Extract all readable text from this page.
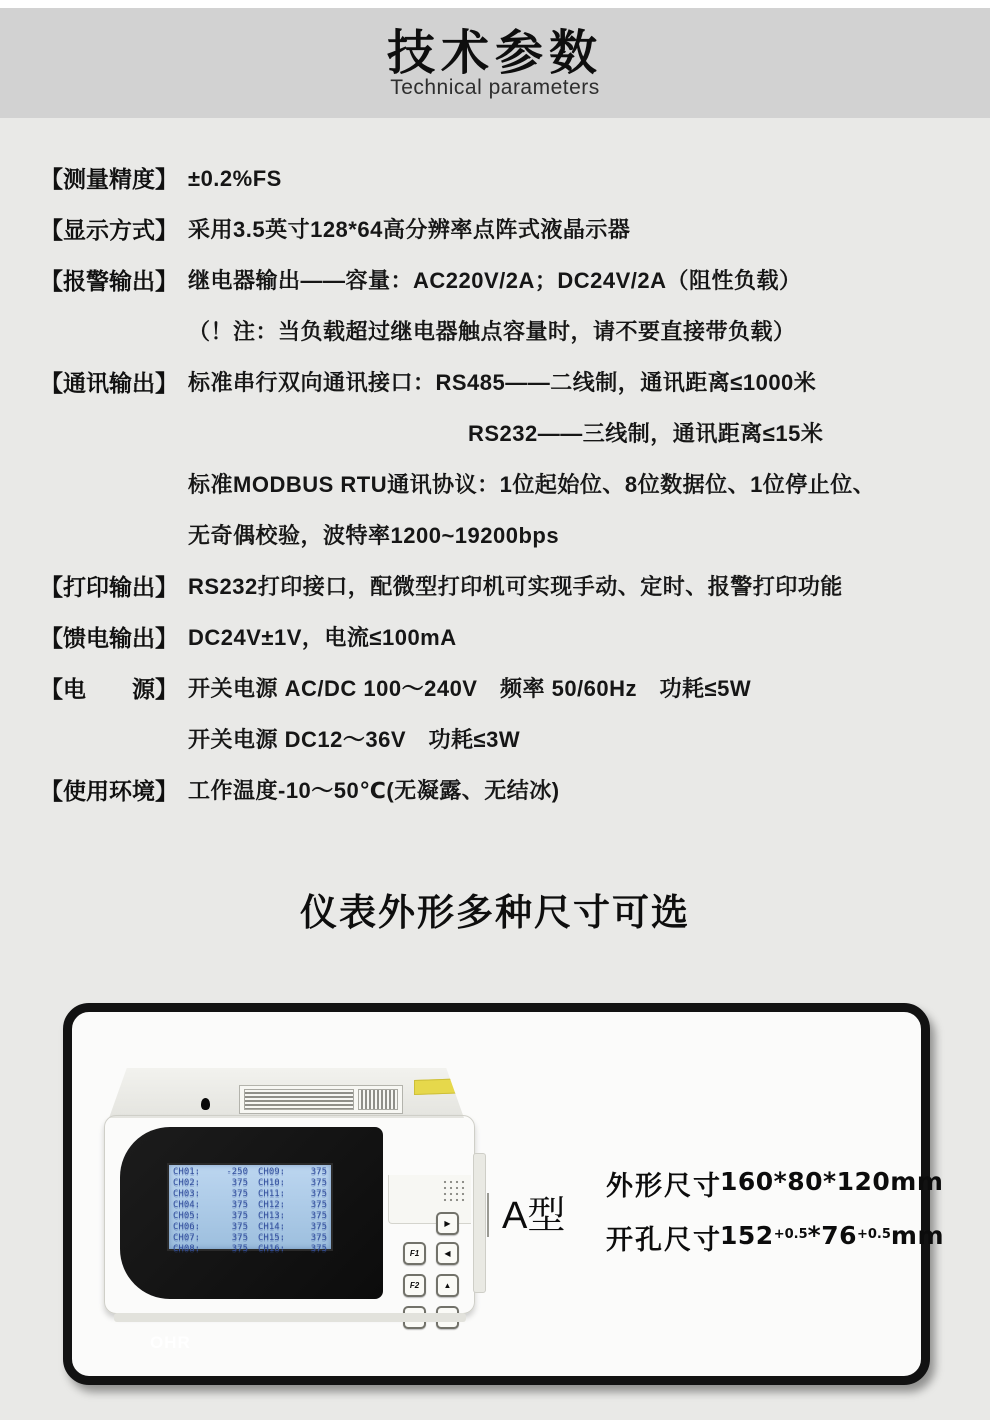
技术参数
Technical parameters
【测量精度】 ±0.2%FS
【显示方式】 采用3.5英寸128*64高分辨率点阵式液晶示器
【报警输出】 继电器输出——容量：AC220V/2A；DC24V/2A（阻性负载）
（！注：当负载超过继电器触点容量时，请不要直接带负载）
【通讯输出】 标准串行双向通讯接口：RS485——二线制，通讯距离≤1000米
RS232——三线制，通讯距离≤15米
标准MODBUS RTU通讯协议：1位起始位、8位数据位、1位停止位、
无奇偶校验，波特率1200~19200bps
【打印输出】 RS232打印接口，配微型打印机可实现手动、定时、报警打印功能
【馈电输出】 DC24V±1V，电流≤100mA
【电　　源】 开关电源 AC/DC 100～240V　频率 50/60Hz　功耗≤5W
开关电源 DC12～36V　功耗≤3W
【使用环境】 工作温度-10～50℃(无凝露、无结冰)
仪表外形多种尺寸可选
CH01:	-250 CH09:	375
CH02:	375 CH10:	375
CH03:	375 CH11:	375
CH04:	375 CH12:	375
CH05:	375 CH13:	375
CH06:	375 CH14:	375
CH07:	375 CH15:	375
CH08:	375 CH16:	375
OHR
F1
F2
▶
◀
▲
A型
外形尺寸
160*80*120mm
开孔尺寸
$152^{+0.5}*76^{+0.5}mm$
